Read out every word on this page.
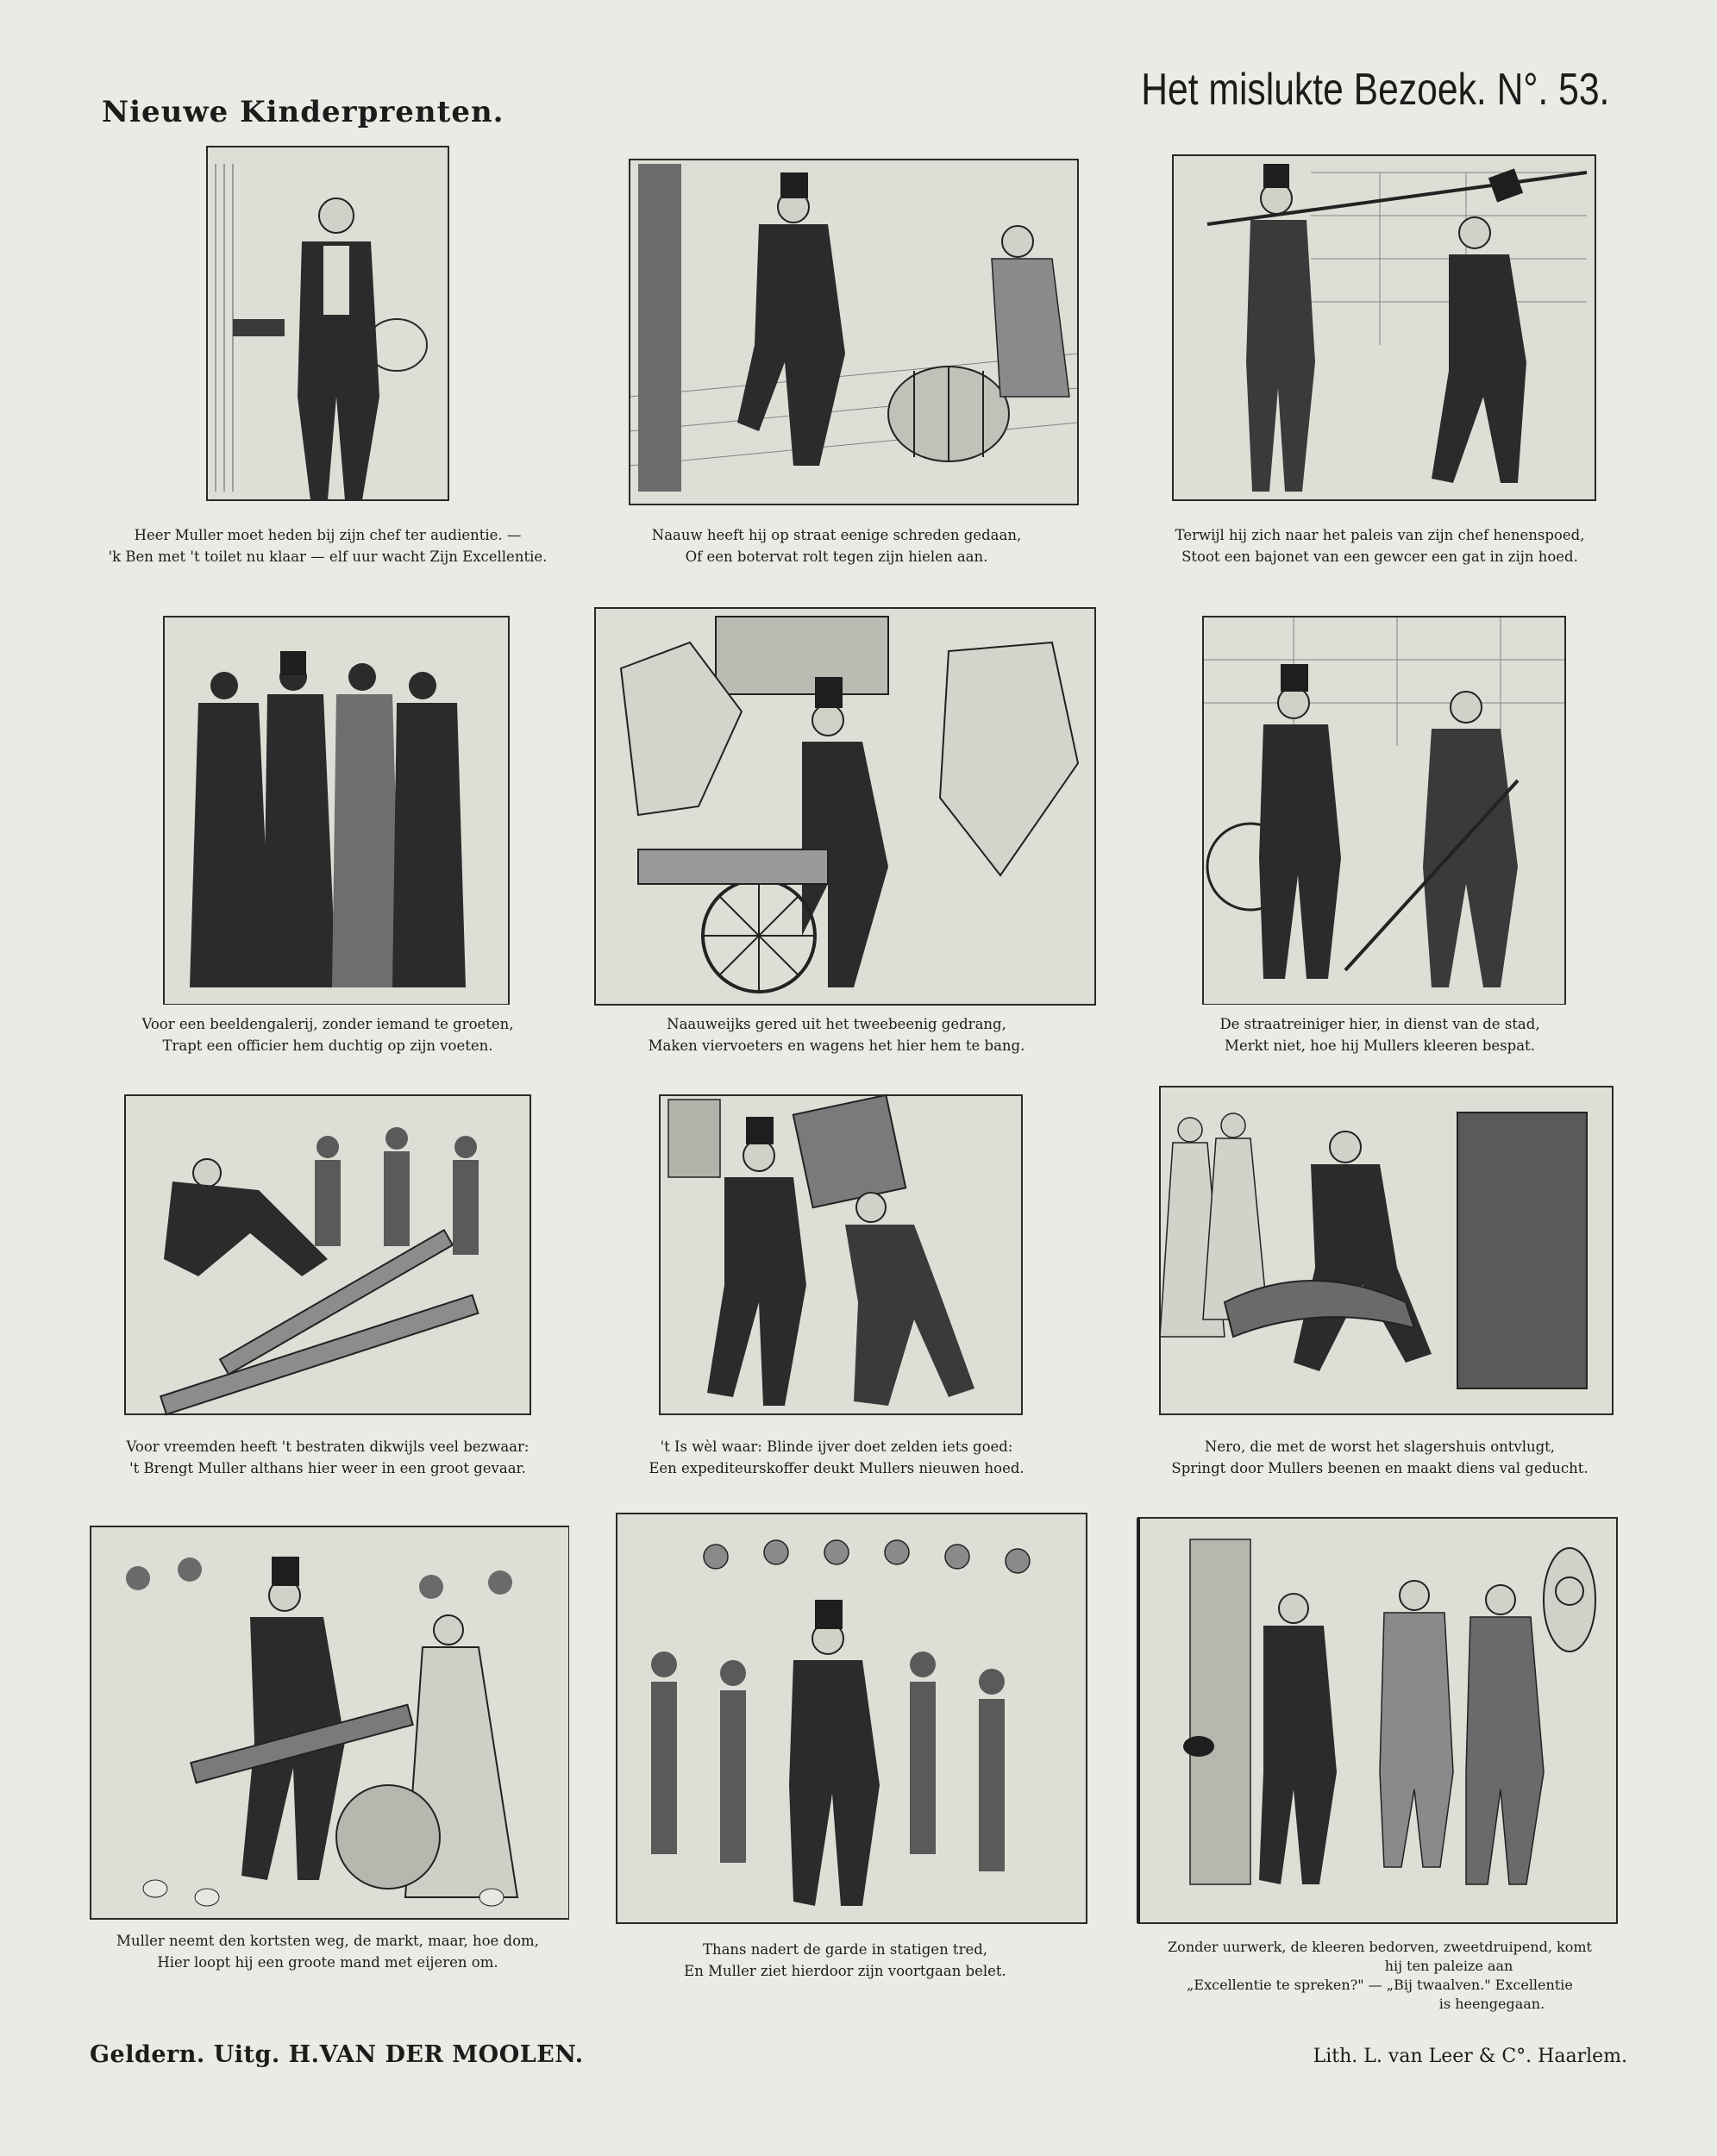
Nieuwe Kinderprenten.	Het mislukte Bezoek. N°. 53.
Heer Muller moet heden bij zijn chef ter audientie. —
'k Ben met 't toilet nu klaar — elf uur wacht Zijn Excellentie.
Naauw heeft hij op straat eenige schreden gedaan,
Of een botervat rolt tegen zijn hielen aan.
Terwijl hij zich naar het paleis van zijn chef henenspoed,
Stoot een bajonet van een gewcer een gat in zijn hoed.
Voor een beeldengalerij, zonder iemand te groeten,
Trapt een officier hem duchtig op zijn voeten.
Naauweijks gered uit het tweebeenig gedrang,
Maken viervoeters en wagens het hier hem te bang.
De straatreiniger hier, in dienst van de stad,
Merkt niet, hoe hij Mullers kleeren bespat.
Voor vreemden heeft 't bestraten dikwijls veel bezwaar:
't Brengt Muller althans hier weer in een groot gevaar.
't Is wèl waar: Blinde ijver doet zelden iets goed:
Een expediteurskoffer deukt Mullers nieuwen hoed.
Nero, die met de worst het slagershuis ontvlugt,
Springt door Mullers beenen en maakt diens val geducht.
Muller neemt den kortsten weg, de markt, maar, hoe dom,
Hier loopt hij een groote mand met eijeren om.
Thans nadert de garde in statigen tred,
En Muller ziet hierdoor zijn voortgaan belet.
Zonder uurwerk, de kleeren bedorven, zweetdruipend, komt
hij ten paleize aan
„Excellentie te spreken?" — „Bij twaalven." Excellentie
is heengegaan.
Geldern. Uitg. H.VAN DER MOOLEN.	Lith. L. van Leer & C°. Haarlem.
